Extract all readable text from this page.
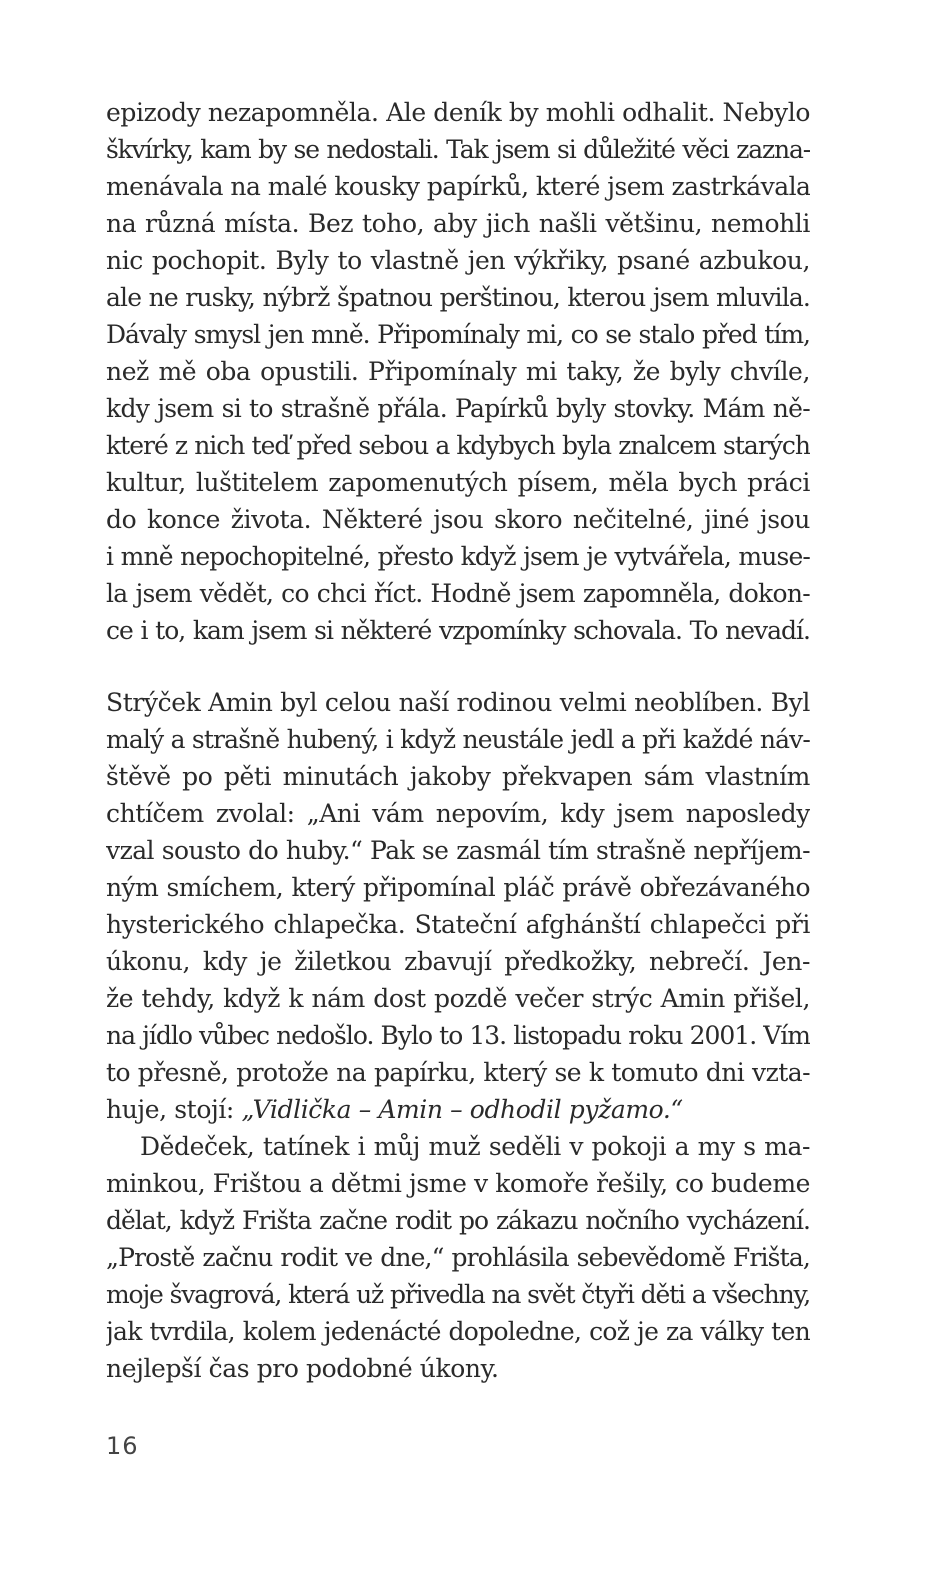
epizody nezapomněla. Ale deník by mohli odhalit. Nebylo
škvírky, kam by se nedostali. Tak jsem si důležité věci zazna-
menávala na malé kousky papírků, které jsem zastrkávala
na různá místa. Bez toho, aby jich našli většinu, nemohli
nic pochopit. Byly to vlastně jen výkřiky, psané azbukou,
ale ne rusky, nýbrž špatnou perštinou, kterou jsem mluvila.
Dávaly smysl jen mně. Připomínaly mi, co se stalo před tím,
než mě oba opustili. Připomínaly mi taky, že byly chvíle,
kdy jsem si to strašně přála. Papírků byly stovky. Mám ně-
které z nich teď před sebou a kdybych byla znalcem starých
kultur, luštitelem zapomenutých písem, měla bych práci
do konce života. Některé jsou skoro nečitelné, jiné jsou
i mně nepochopitelné, přesto když jsem je vytvářela, muse-
la jsem vědět, co chci říct. Hodně jsem zapomněla, dokon-
ce i to, kam jsem si některé vzpomínky schovala. To nevadí.
Strýček Amin byl celou naší rodinou velmi neoblíben. Byl
malý a strašně hubený, i když neustále jedl a při každé náv-
štěvě po pěti minutách jakoby překvapen sám vlastním
chtíčem zvolal: „Ani vám nepovím, kdy jsem naposledy
vzal sousto do huby.“ Pak se zasmál tím strašně nepříjem-
ným smíchem, který připomínal pláč právě obřezávaného
hysterického chlapečka. Stateční afghánští chlapečci při
úkonu, kdy je žiletkou zbavují předkožky, nebrečí. Jen-
že tehdy, když k nám dost pozdě večer strýc Amin přišel,
na jídlo vůbec nedošlo. Bylo to 13. listopadu roku 2001. Vím
to přesně, protože na papírku, který se k tomuto dni vzta-
huje, stojí: „Vidlička – Amin – odhodil pyžamo.“
Dědeček, tatínek i můj muž seděli v pokoji a my s ma-
minkou, Frištou a dětmi jsme v komoře řešily, co budeme
dělat, když Frišta začne rodit po zákazu nočního vycházení.
„Prostě začnu rodit ve dne,“ prohlásila sebevědomě Frišta,
moje švagrová, která už přivedla na svět čtyři děti a všechny,
jak tvrdila, kolem jedenácté dopoledne, což je za války ten
nejlepší čas pro podobné úkony.
16
